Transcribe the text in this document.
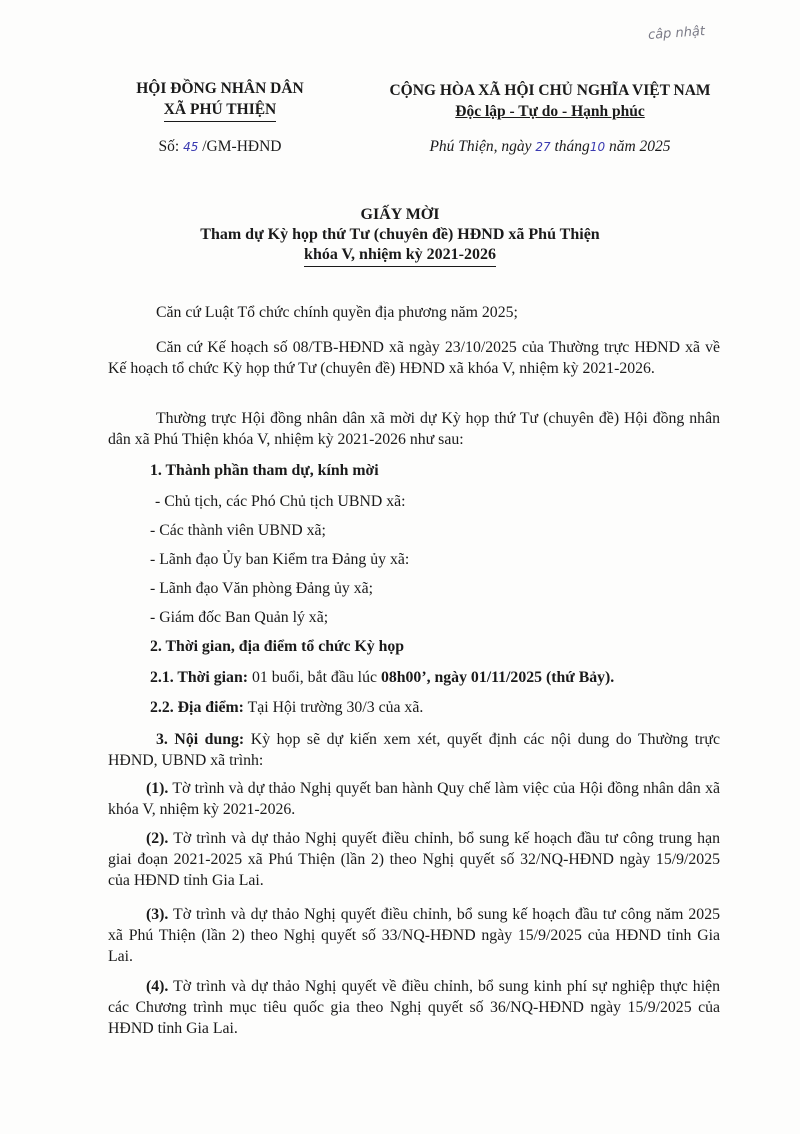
câp nhật
HỘI ĐỒNG NHÂN DÂN
XÃ PHÚ THIỆN
CỘNG HÒA XÃ HỘI CHỦ NGHĨA VIỆT NAM
Độc lập - Tự do - Hạnh phúc
Số: 45 /GM-HĐND	Phú Thiện, ngày 27 tháng10 năm 2025
GIẤY MỜI
Tham dự Kỳ họp thứ Tư (chuyên đề) HĐND xã Phú Thiện
khóa V, nhiệm kỳ 2021-2026
Căn cứ Luật Tổ chức chính quyền địa phương năm 2025;
Căn cứ Kế hoạch số 08/TB-HĐND xã ngày 23/10/2025 của Thường trực HĐND xã về Kế hoạch tổ chức Kỳ họp thứ Tư (chuyên đề) HĐND xã khóa V, nhiệm kỳ 2021-2026.
Thường trực Hội đồng nhân dân xã mời dự Kỳ họp thứ Tư (chuyên đề) Hội đồng nhân dân xã Phú Thiện khóa V, nhiệm kỳ 2021-2026 như sau:
1. Thành phần tham dự, kính mời
- Chủ tịch, các Phó Chủ tịch UBND xã:
- Các thành viên UBND xã;
- Lãnh đạo Ủy ban Kiểm tra Đảng ủy xã:
- Lãnh đạo Văn phòng Đảng ủy xã;
- Giám đốc Ban Quản lý xã;
2. Thời gian, địa điểm tổ chức Kỳ họp
2.1. Thời gian: 01 buổi, bắt đầu lúc 08h00’, ngày 01/11/2025 (thứ Bảy).
2.2. Địa điểm: Tại Hội trường 30/3 của xã.
3. Nội dung: Kỳ họp sẽ dự kiến xem xét, quyết định các nội dung do Thường trực HĐND, UBND xã trình:
(1). Tờ trình và dự thảo Nghị quyết ban hành Quy chế làm việc của Hội đồng nhân dân xã khóa V, nhiệm kỳ 2021-2026.
(2). Tờ trình và dự thảo Nghị quyết điều chỉnh, bổ sung kế hoạch đầu tư công trung hạn giai đoạn 2021-2025 xã Phú Thiện (lần 2) theo Nghị quyết số 32/NQ-HĐND ngày 15/9/2025 của HĐND tỉnh Gia Lai.
(3). Tờ trình và dự thảo Nghị quyết điều chỉnh, bổ sung kế hoạch đầu tư công năm 2025 xã Phú Thiện (lần 2) theo Nghị quyết số 33/NQ-HĐND ngày 15/9/2025 của HĐND tỉnh Gia Lai.
(4). Tờ trình và dự thảo Nghị quyết về điều chỉnh, bổ sung kinh phí sự nghiệp thực hiện các Chương trình mục tiêu quốc gia theo Nghị quyết số 36/NQ-HĐND ngày 15/9/2025 của HĐND tỉnh Gia Lai.
